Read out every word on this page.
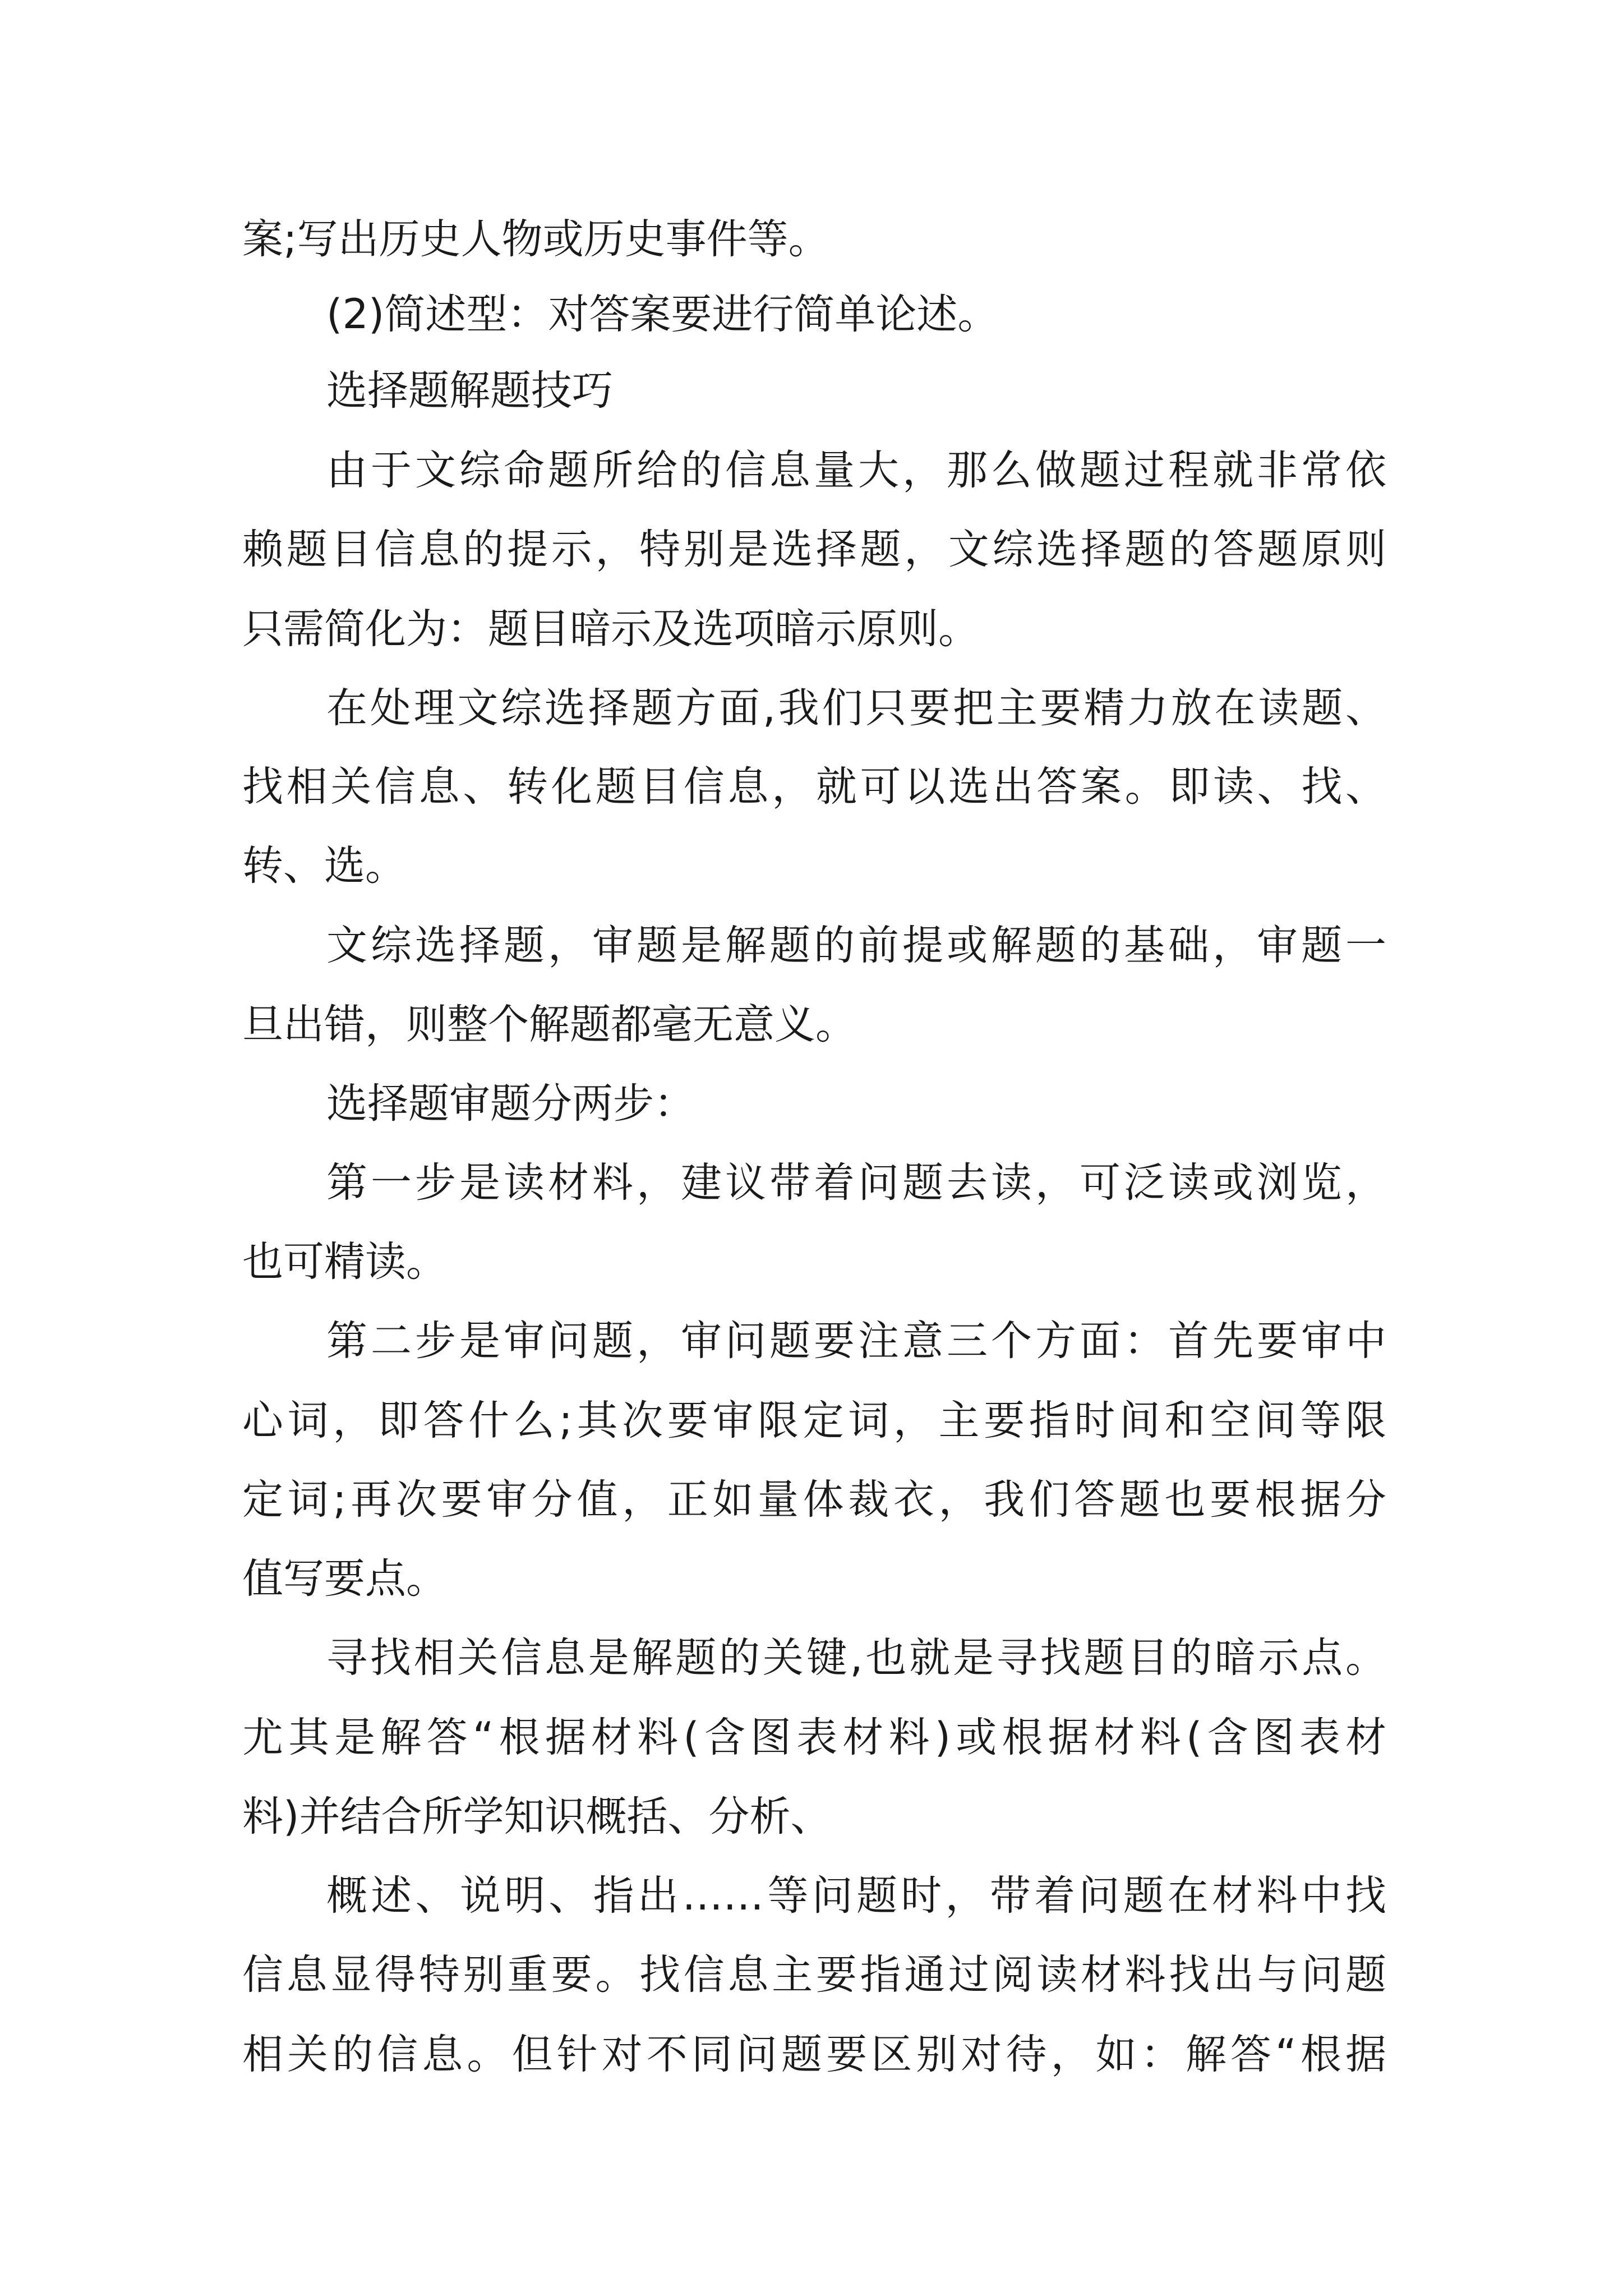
案;写出历史人物或历史事件等。
(2)简述型：对答案要进行简单论述。
选择题解题技巧
由于文综命题所给的信息量大，那么做题过程就非常依
赖题目信息的提示，特别是选择题，文综选择题的答题原则
只需简化为：题目暗示及选项暗示原则。
在处理文综选择题方面,我们只要把主要精力放在读题、
找相关信息、转化题目信息，就可以选出答案。即读、找、
转、选。
文综选择题，审题是解题的前提或解题的基础，审题一
旦出错，则整个解题都毫无意义。
选择题审题分两步：
第一步是读材料，建议带着问题去读，可泛读或浏览，
也可精读。
第二步是审问题，审问题要注意三个方面：首先要审中
心词，即答什么;其次要审限定词，主要指时间和空间等限
定词;再次要审分值，正如量体裁衣，我们答题也要根据分
值写要点。
寻找相关信息是解题的关键,也就是寻找题目的暗示点。
尤其是解答“根据材料(含图表材料)或根据材料(含图表材
料)并结合所学知识概括、分析、
概述、说明、指出……等问题时，带着问题在材料中找
信息显得特别重要。找信息主要指通过阅读材料找出与问题
相关的信息。但针对不同问题要区别对待，如：解答“根据
